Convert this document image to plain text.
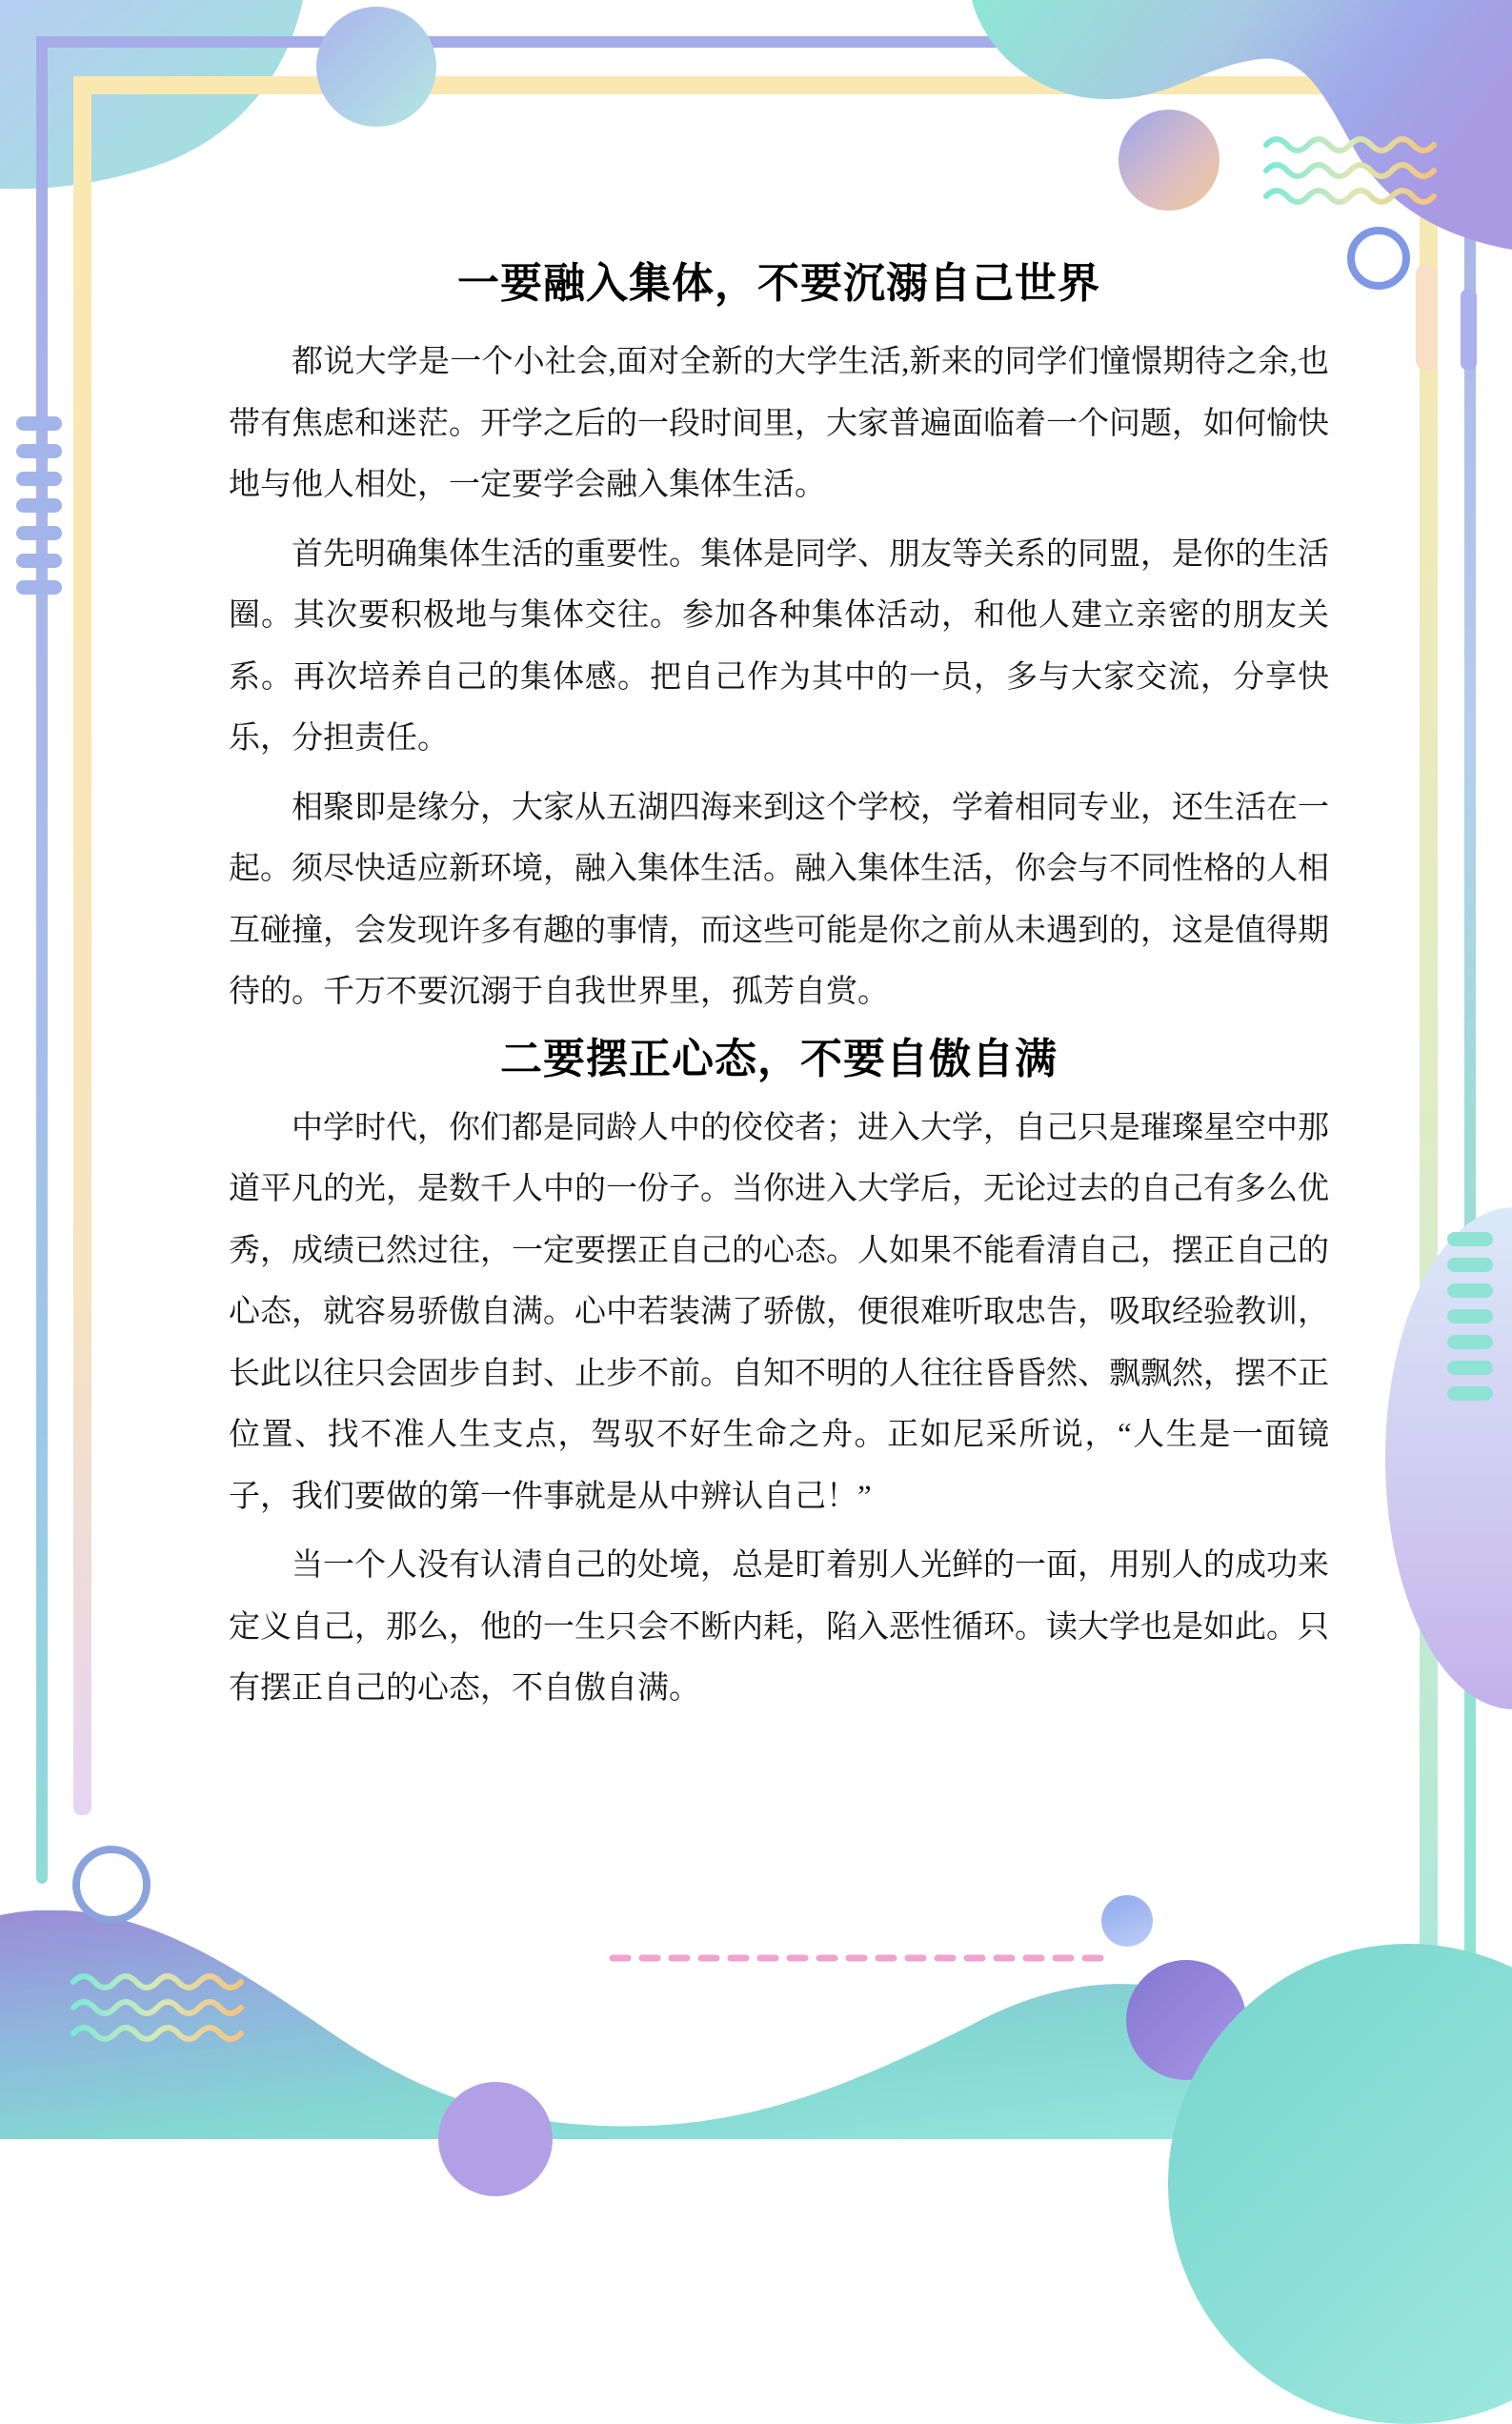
一要融入集体，不要沉溺自己世界

都说大学是一个小社会,面对全新的大学生活,新来的同学们憧憬期待之余,也带有焦虑和迷茫。开学之后的一段时间里，大家普遍面临着一个问题，如何愉快地与他人相处，一定要学会融入集体生活。

首先明确集体生活的重要性。集体是同学、朋友等关系的同盟，是你的生活圈。其次要积极地与集体交往。参加各种集体活动，和他人建立亲密的朋友关系。再次培养自己的集体感。把自己作为其中的一员，多与大家交流，分享快乐，分担责任。

相聚即是缘分，大家从五湖四海来到这个学校，学着相同专业，还生活在一起。须尽快适应新环境，融入集体生活。融入集体生活，你会与不同性格的人相互碰撞，会发现许多有趣的事情，而这些可能是你之前从未遇到的，这是值得期待的。千万不要沉溺于自我世界里，孤芳自赏。

二要摆正心态，不要自傲自满

中学时代，你们都是同龄人中的佼佼者；进入大学，自己只是璀璨星空中那道平凡的光，是数千人中的一份子。当你进入大学后，无论过去的自己有多么优秀，成绩已然过往，一定要摆正自己的心态。人如果不能看清自己，摆正自己的心态，就容易骄傲自满。心中若装满了骄傲，便很难听取忠告，吸取经验教训，长此以往只会固步自封、止步不前。自知不明的人往往昏昏然、飘飘然，摆不正位置、找不准人生支点，驾驭不好生命之舟。正如尼采所说，“人生是一面镜子，我们要做的第一件事就是从中辨认自己！”

当一个人没有认清自己的处境，总是盯着别人光鲜的一面，用别人的成功来定义自己，那么，他的一生只会不断内耗，陷入恶性循环。读大学也是如此。只有摆正自己的心态，不自傲自满。
